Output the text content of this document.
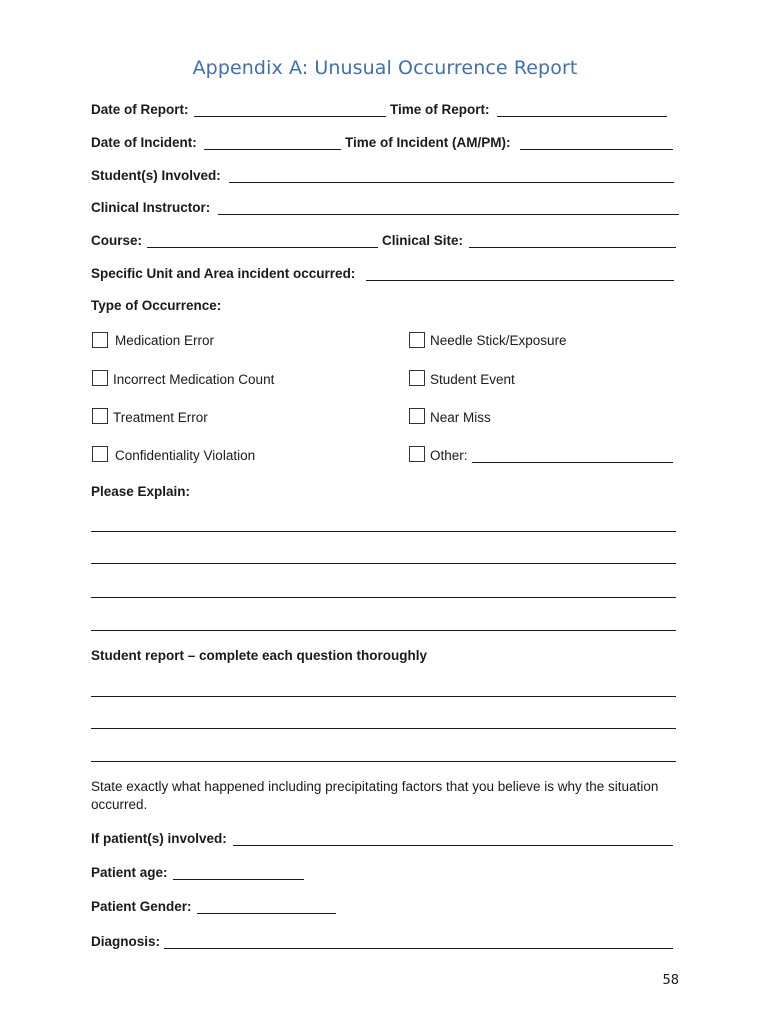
Appendix A: Unusual Occurrence Report
Date of Report:	Time of Report:
Date of Incident:	Time of Incident (AM/PM):
Student(s) Involved:
Clinical Instructor:
Course:	Clinical Site:
Specific Unit and Area incident occurred:
Type of Occurrence:
Medication Error	Needle Stick/Exposure
Incorrect Medication Count	Student Event
Treatment Error	Near Miss
Confidentiality Violation	Other:
Please Explain:
Student report – complete each question thoroughly
State exactly what happened including precipitating factors that you believe is why the situation occurred.
If patient(s) involved:
Patient age:
Patient Gender:
Diagnosis:
58
